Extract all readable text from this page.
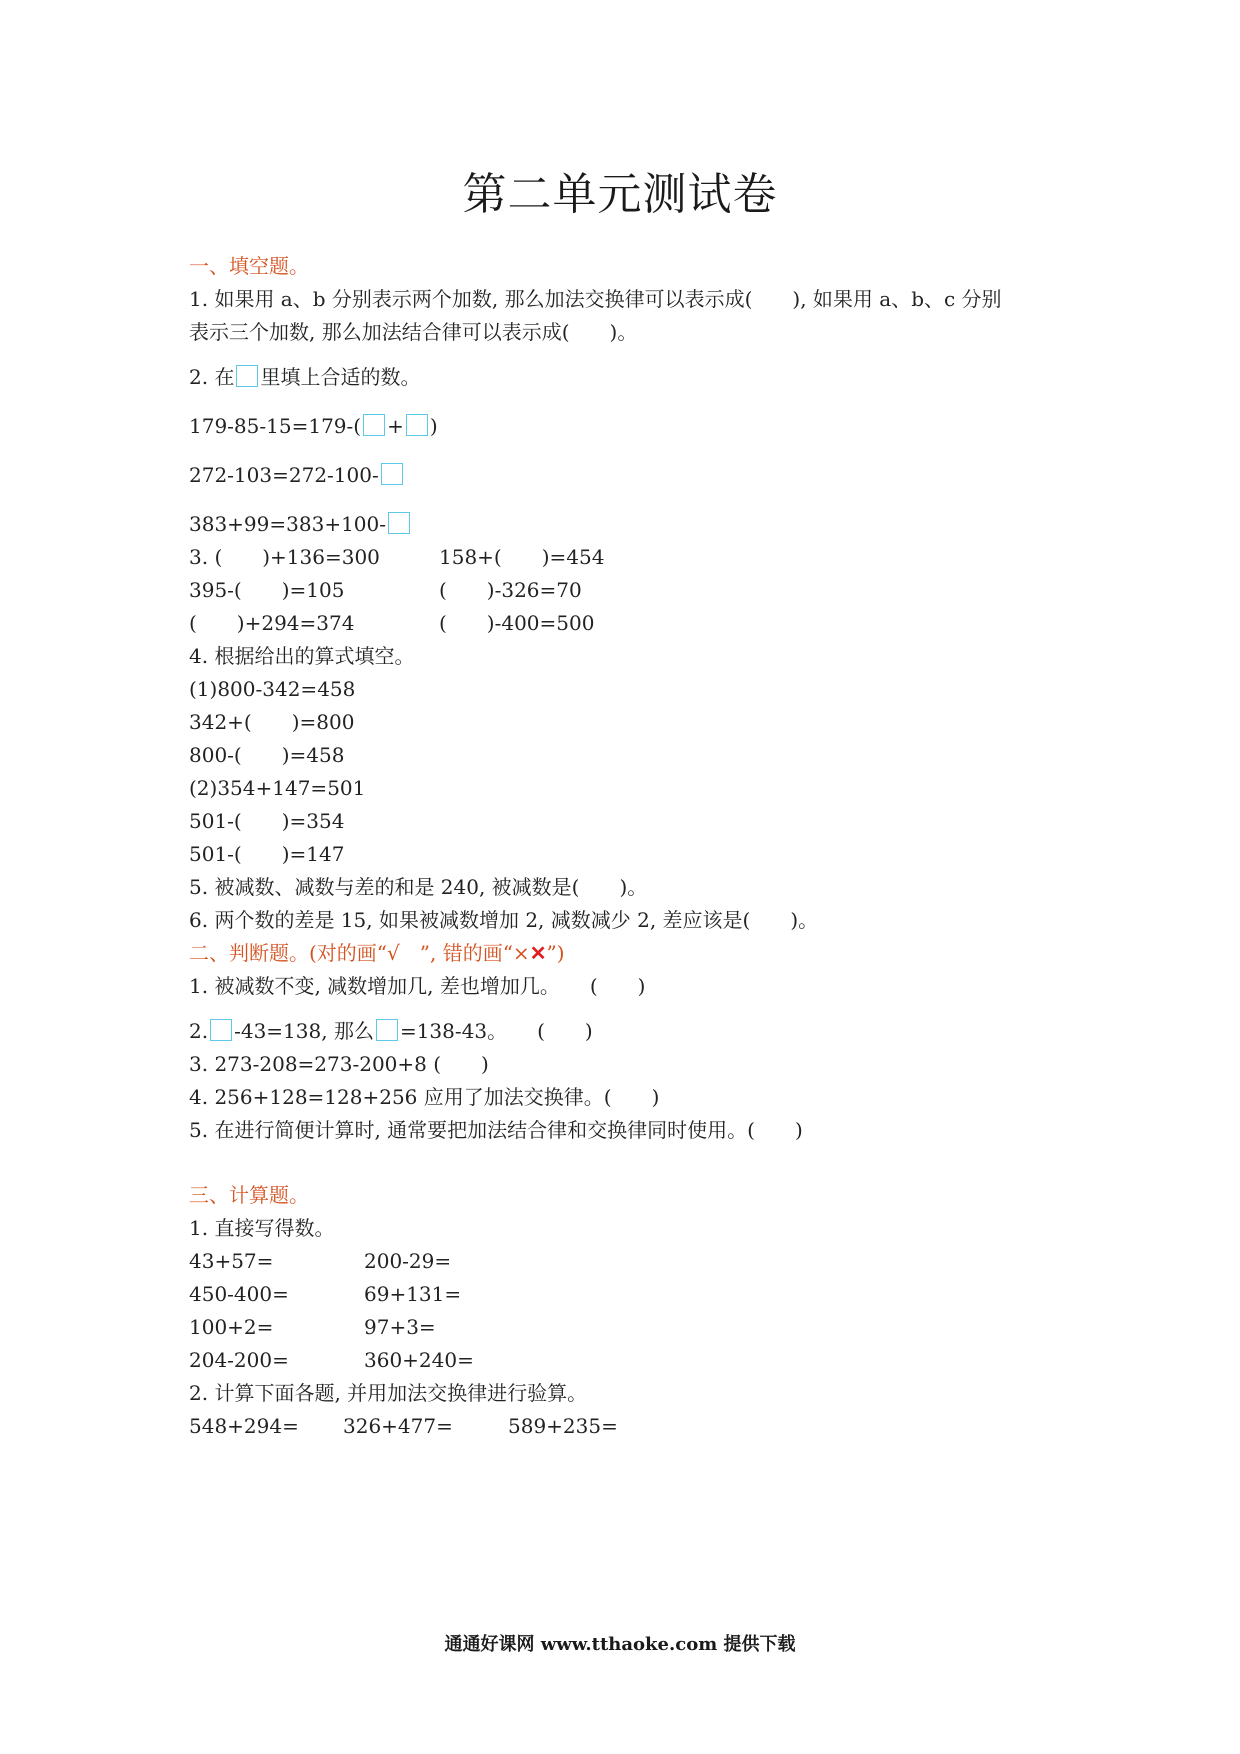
第二单元测试卷
一、填空题。
1. 如果用 a、b 分别表示两个加数, 那么加法交换律可以表示成(　　), 如果用 a、b、c 分别
表示三个加数, 那么加法结合律可以表示成(　　)。
2. 在 里填上合适的数。
179-85-15=179-( + )
272-103=272-100-
383+99=383+100-
3. (　　)+136=300	158+(　　)=454
395-(　　)=105	(　　)-326=70
(　　)+294=374	(　　)-400=500
4. 根据给出的算式填空。
(1)800-342=458
342+(　　)=800
800-(　　)=458
(2)354+147=501
501-(　　)=354
501-(　　)=147
5. 被减数、减数与差的和是 240, 被减数是(　　)。
6. 两个数的差是 15, 如果被减数增加 2, 减数减少 2, 差应该是(　　)。
二、判断题。(对的画“√　”, 错的画“×✕”)
1. 被减数不变, 减数增加几, 差也增加几。　　(　　)
2. -43=138, 那么 =138-43。　　(　　)
3. 273-208=273-200+8 (　　)
4. 256+128=128+256 应用了加法交换律。(　　)
5. 在进行简便计算时, 通常要把加法结合律和交换律同时使用。(　　)
三、计算题。
1. 直接写得数。
43+57=	200-29=
450-400=	69+131=
100+2=	97+3=
204-200=	360+240=
2. 计算下面各题, 并用加法交换律进行验算。
548+294=	326+477=	589+235=
通通好课网 www.tthaoke.com 提供下载
